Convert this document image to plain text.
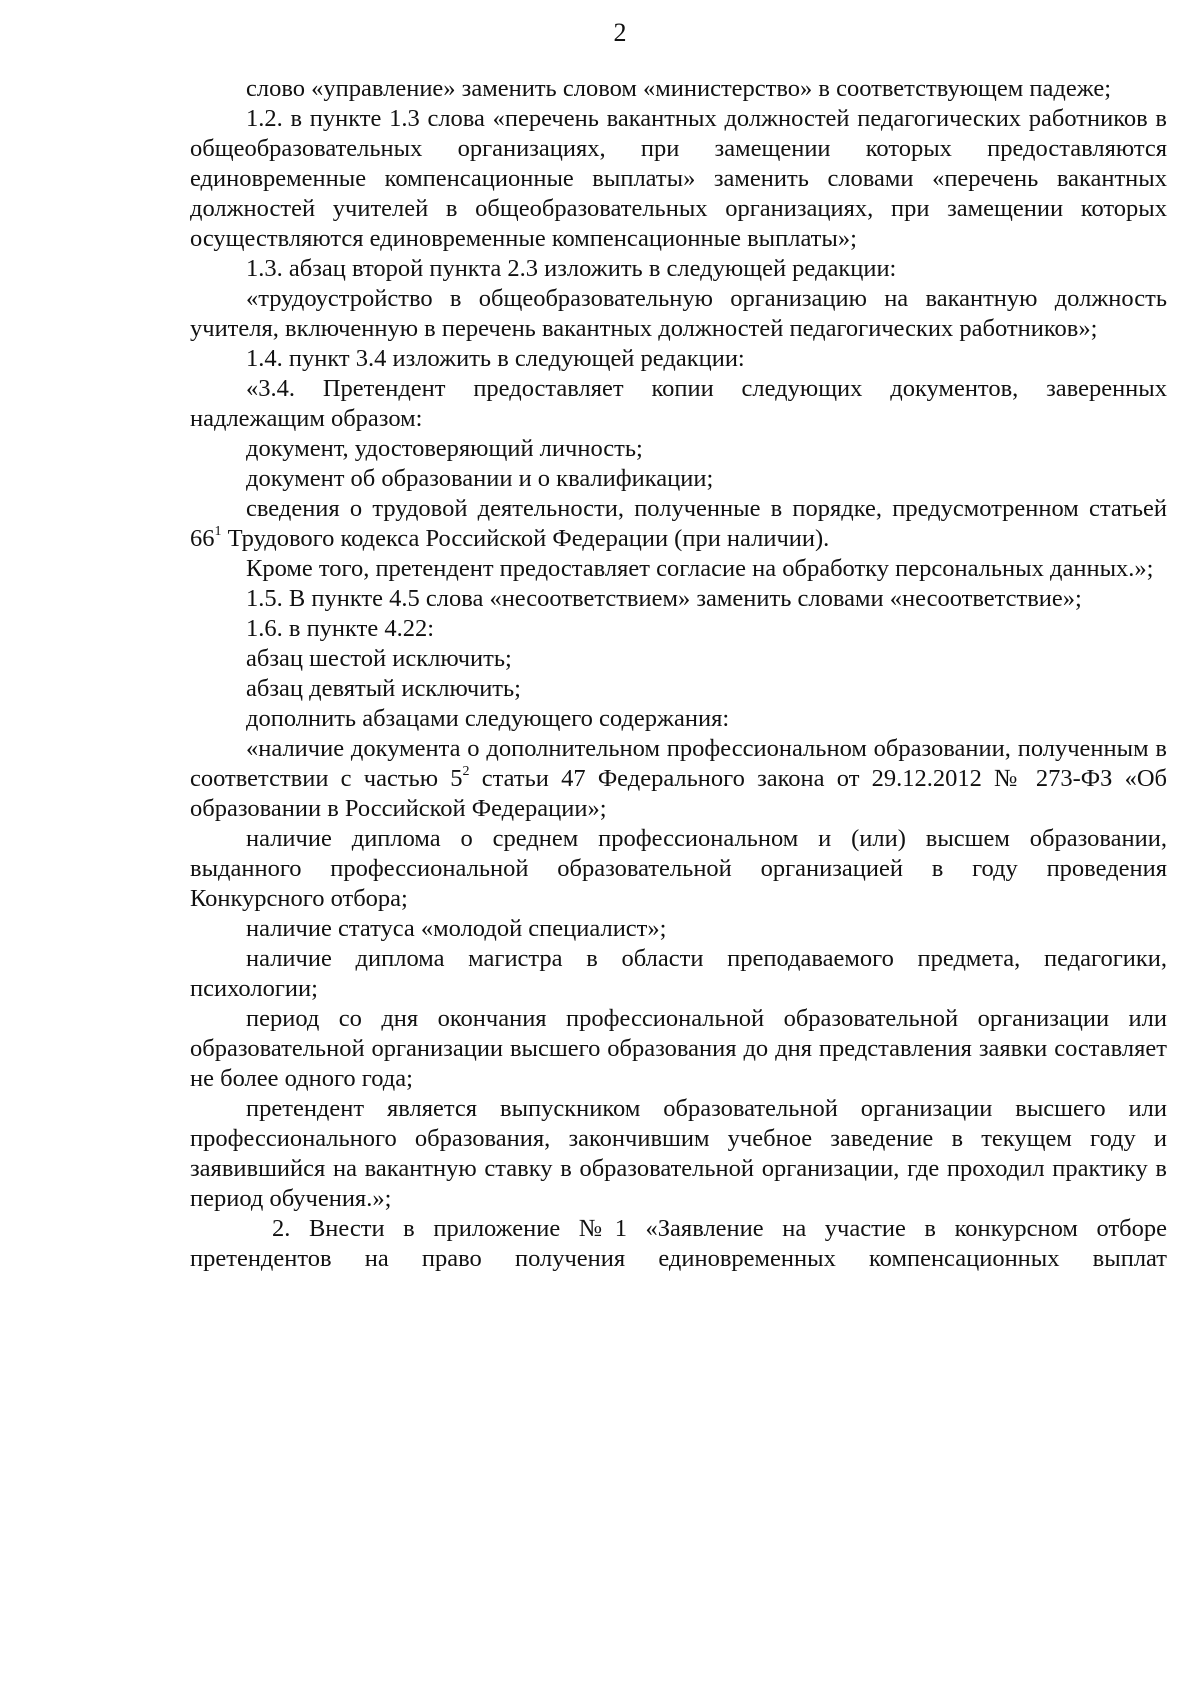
2

слово «управление» заменить словом «министерство» в соответствующем падеже;

1.2. в пункте 1.3 слова «перечень вакантных должностей педагогических работников в общеобразовательных организациях, при замещении которых предоставляются единовременные компенсационные выплаты» заменить словами «перечень вакантных должностей учителей в общеобразовательных организациях, при замещении которых осуществляются единовременные компенсационные выплаты»;

1.3. абзац второй пункта 2.3 изложить в следующей редакции:

«трудоустройство в общеобразовательную организацию на вакантную должность учителя, включенную в перечень вакантных должностей педагогических работников»;

1.4. пункт 3.4 изложить в следующей редакции:

«3.4. Претендент предоставляет копии следующих документов, заверенных надлежащим образом:

документ, удостоверяющий личность;

документ об образовании и о квалификации;

сведения о трудовой деятельности, полученные в порядке, предусмотренном статьей $66^1$ Трудового кодекса Российской Федерации (при наличии).

Кроме того, претендент предоставляет согласие на обработку персональных данных.»;

1.5. В пункте 4.5 слова «несоответствием» заменить словами «несоответствие»;

1.6. в пункте 4.22:

абзац шестой исключить;

абзац девятый исключить;

дополнить абзацами следующего содержания:

«наличие документа о дополнительном профессиональном образовании, полученным в соответствии с частью $5^2$ статьи 47 Федерального закона от 29.12.2012 № 273-ФЗ «Об образовании в Российской Федерации»;

наличие диплома о среднем профессиональном и (или) высшем образовании, выданного профессиональной образовательной организацией в году проведения Конкурсного отбора;

наличие статуса «молодой специалист»;

наличие диплома магистра в области преподаваемого предмета, педагогики, психологии;

период со дня окончания профессиональной образовательной организации или образовательной организации высшего образования до дня представления заявки составляет не более одного года;

претендент является выпускником образовательной организации высшего или профессионального образования, закончившим учебное заведение в текущем году и заявившийся на вакантную ставку в образовательной организации, где проходил практику в период обучения.»;

2. Внести в приложение №1 «Заявление на участие в конкурсном отборе претендентов на право получения единовременных компенсационных выплат
